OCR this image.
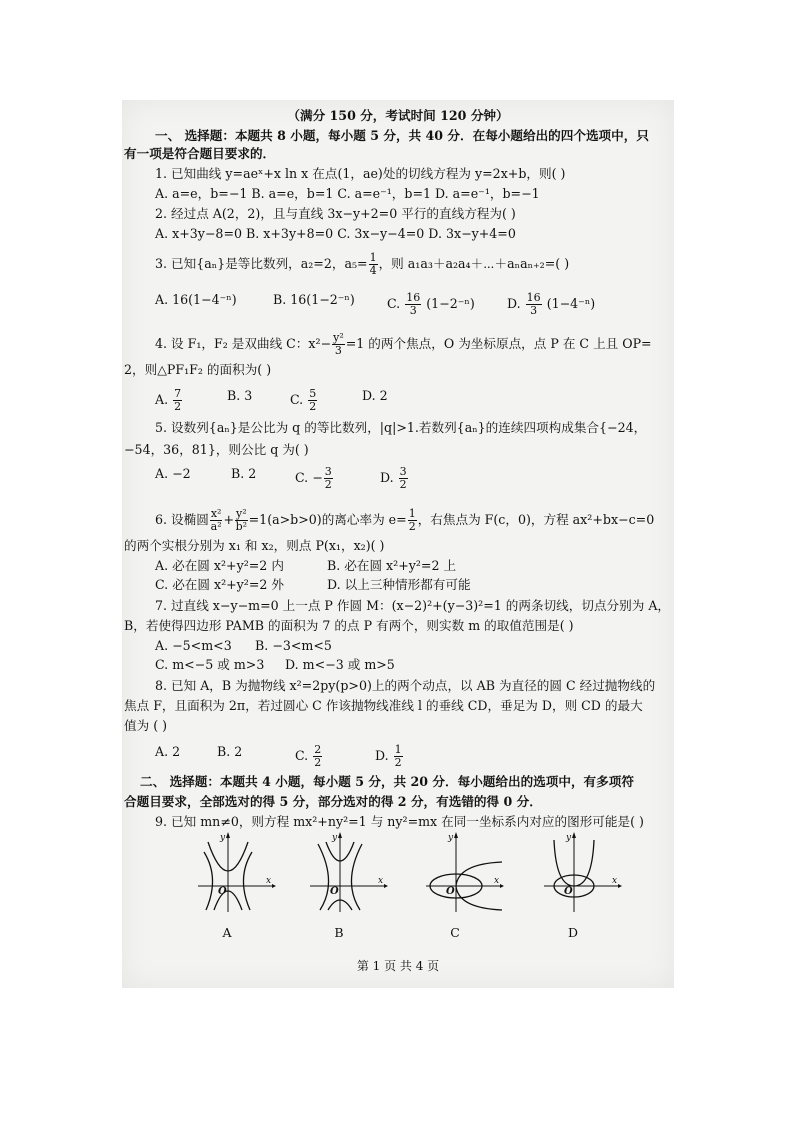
（满分 150 分，考试时间 120 分钟）
一、 选择题：本题共 8 小题，每小题 5 分，共 40 分．在每小题给出的四个选项中，只
有一项是符合题目要求的．
1. 已知曲线 y=aeˣ+x ln x 在点(1，ae)处的切线方程为 y=2x+b，则( )
A. a=e，b=−1 B. a=e，b=1 C. a=e⁻¹，b=1 D. a=e⁻¹，b=−1
2. 经过点 A(2，2)，且与直线 3x−y+2=0 平行的直线方程为( )
A. x+3y−8=0 B. x+3y+8=0 C. 3x−y−4=0 D. 3x−y+4=0
3. 已知{aₙ}是等比数列，a₂=2，$a_5= \frac{1}{4}$ ，则 a₁a₃＋a₂a₄＋⋯＋aₙaₙ₊₂=( )
A. 16(1−4⁻ⁿ)	B. 16(1−2⁻ⁿ)	C. $\frac{16}{3} (1-2^{-n})$	D. $\frac{16}{3} (1-4^{-n})$
4. 设 F₁，F₂ 是双曲线 C：$x^2- \frac{\text{y²}}{3} =1$ 的两个焦点，O 为坐标原点，点 P 在 C 上且 OP=
2，则△PF₁F₂ 的面积为( )
A. $\frac{7}{2}$	B. 3	C. $\frac{5}{2}$	D. 2
5. 设数列{aₙ}是公比为 q 的等比数列，|q|>1.若数列{aₙ}的连续四项构成集合{−24，
−54，36，81}，则公比 q 为( )
A. −2	B. 2	C. − $\frac{3}{2}$	D. $\frac{3}{2}$
6. 设椭圆 $\frac{\text{x²}}{\text{a²}} + \frac{\text{y²}}{\text{b²}} =1(a>b>0)$的离心率为 $e= \frac{1}{2}$ ，右焦点为 F(c，0)，方程 ax²+bx−c=0
的两个实根分别为 x₁ 和 x₂，则点 P(x₁，x₂)( )
A. 必在圆 x²+y²=2 内	B. 必在圆 x²+y²=2 上
C. 必在圆 x²+y²=2 外	D. 以上三种情形都有可能
7. 过直线 x−y−m=0 上一点 P 作圆 M：(x−2)²+(y−3)²=1 的两条切线，切点分别为 A，
B，若使得四边形 PAMB 的面积为 7 的点 P 有两个，则实数 m 的取值范围是( )
A. −5<m<3 B. −3<m<5
C. m<−5 或 m>3 D. m<−3 或 m>5
8. 已知 A，B 为抛物线 x²=2py(p>0)上的两个动点，以 AB 为直径的圆 C 经过抛物线的
焦点 F，且面积为 2π，若过圆心 C 作该抛物线准线 l 的垂线 CD，垂足为 D，则 CD 的最大
值为 ( )
A. 2	B. 2	C. $\frac{2}{2}$	D. $\frac{1}{2}$
二、 选择题：本题共 4 小题，每小题 5 分，共 20 分．每小题给出的选项中，有多项符
合题目要求，全部选对的得 5 分，部分选对的得 2 分，有选错的得 0 分．
9. 已知 mn≠0，则方程 mx²+ny²=1 与 ny²=mx 在同一坐标系内对应的图形可能是( )
y
x
O
A
y
x
O
B
y
x
O
C
y
x
O
D
第 1 页 共 4 页
